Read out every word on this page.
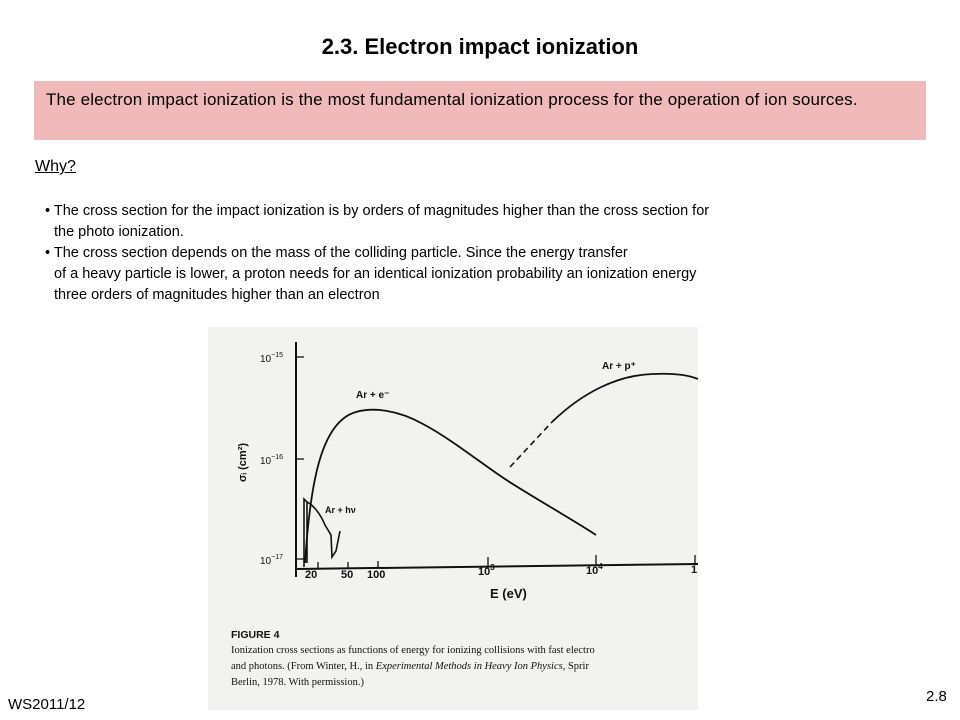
2.3. Electron impact ionization
The electron impact ionization is the most fundamental ionization process for the operation of ion sources.
Why?
• The cross section for the impact ionization is by orders of magnitudes higher than the cross section for
the photo ionization.
• The cross section depends on the mass of the colliding particle. Since the energy transfer
of a heavy particle is lower, a proton needs for an identical ionization probability an ionization energy
three orders of magnitudes higher than an electron
$10^{-15}$
$10^{-16}$
$10^{-17}$
σᵢ (cm²)
20 50 100	$10^3$	$10^4$	1
E (eV)
Ar + e⁻
Ar + p⁺
Ar + hν
FIGURE 4
Ionization cross sections as functions of energy for ionizing collisions with fast electro
and photons. (From Winter, H., in Experimental Methods in Heavy Ion Physics, Sprir
Berlin, 1978. With permission.)
WS2011/12	2.8
